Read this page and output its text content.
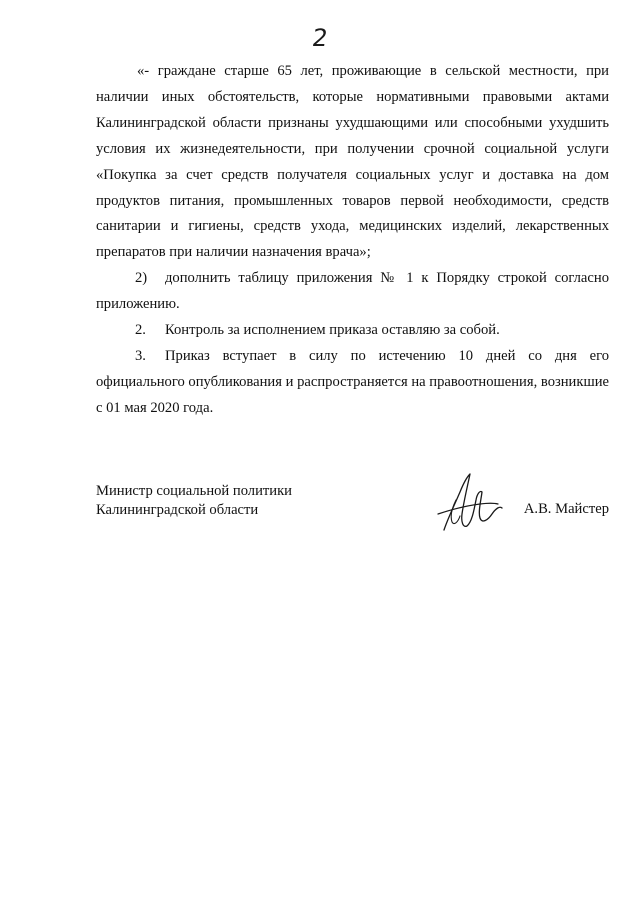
2
«- граждане старше 65 лет, проживающие в сельской местности, при наличии иных обстоятельств, которые нормативными правовыми актами Калининградской области признаны ухудшающими или способными ухудшить условия их жизнедеятельности, при получении срочной социальной услуги «Покупка за счет средств получателя социальных услуг и доставка на дом продуктов питания, промышленных товаров первой необходимости, средств санитарии и гигиены, средств ухода, медицинских изделий, лекарственных препаратов при наличии назначения врача»;
2) дополнить таблицу приложения № 1 к Порядку строкой согласно приложению.
2. Контроль за исполнением приказа оставляю за собой.
3. Приказ вступает в силу по истечению 10 дней со дня его официального опубликования и распространяется на правоотношения, возникшие с 01 мая 2020 года.
Министр социальной политики
Калининградской области	А.В. Майстер
